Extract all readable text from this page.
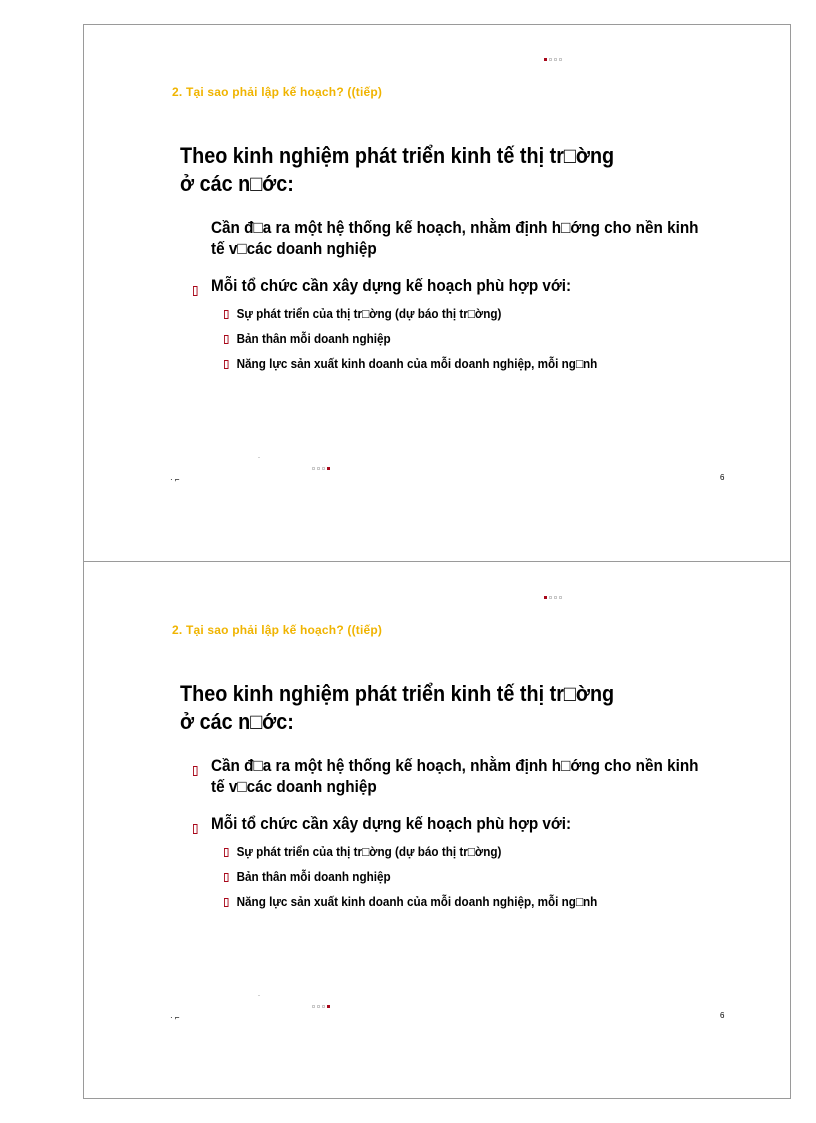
2. Tại sao phải lập kế hoạch? ((tiếp)
Theo kinh nghiệm phát triển kinh tế thị tr□ờng
ở các n□ớc:
Cần đ□a ra một hệ thống kế hoạch, nhằm định h□ớng cho nền kinh tế v□các doanh nghiệp
Mỗi tổ chức cần xây dựng kế hoạch phù hợp với:
Sự phát triển của thị tr□ờng (dự báo thị tr□ờng)
Bản thân mỗi doanh nghiệp
Năng lực sản xuất kinh doanh của mỗi doanh nghiệp, mỗi ng□nh
·
· ⌐	6
2. Tại sao phải lập kế hoạch? ((tiếp)
Theo kinh nghiệm phát triển kinh tế thị tr□ờng
ở các n□ớc:
Cần đ□a ra một hệ thống kế hoạch, nhằm định h□ớng cho nền kinh tế v□các doanh nghiệp
Mỗi tổ chức cần xây dựng kế hoạch phù hợp với:
Sự phát triển của thị tr□ờng (dự báo thị tr□ờng)
Bản thân mỗi doanh nghiệp
Năng lực sản xuất kinh doanh của mỗi doanh nghiệp, mỗi ng□nh
·
· ⌐	6
